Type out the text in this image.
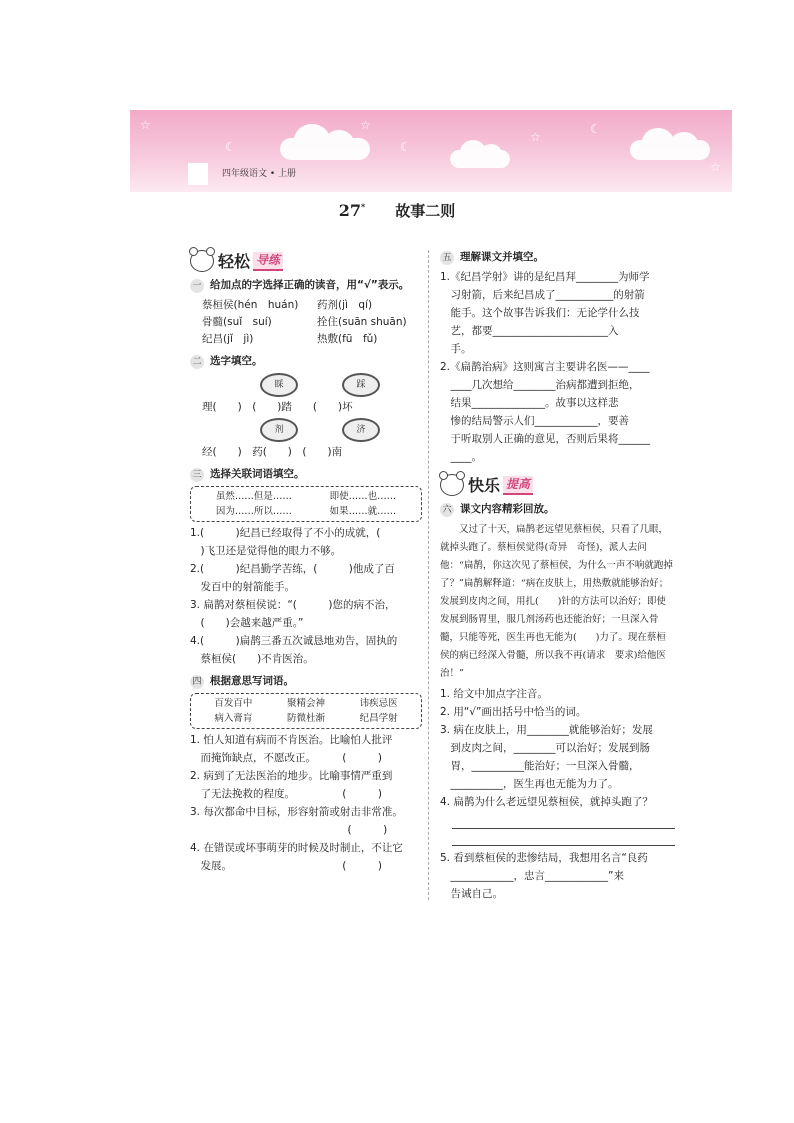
☆
☾
☆
☾
☆
☾
☆
四年级语文 • 上册
27* 故事二则
轻松 导练
一 给加点的字选择正确的读音，用“√”表示。

蔡桓侯(hén　huán)	药剂(jì　qí)

骨髓(suǐ　suí)	拴住(suān shuān)

纪昌(jǐ　jì)	热敷(fū　fǔ)

二 选字填空。
睬	踩

理(　　)　(　　)踏　　(　　)坏

剂	济

经(　　)　药(　　)　(　　)南

三 选择关联词语填空。

虽然……但是……	即使……也……

因为……所以……	如果……就……

1.(　　　)纪昌已经取得了不小的成就，(

　)飞卫还是觉得他的眼力不够。

2.(　　　)纪昌勤学苦练，(　　　)他成了百

　发百中的射箭能手。

3. 扁鹊对蔡桓侯说：“(　　　)您的病不治，

　(　　)会越来越严重。”

4.(　　　)扁鹊三番五次诚恳地劝告，固执的

　蔡桓侯(　　)不肯医治。

四 根据意思写词语。

百发百中	聚精会神	讳疾忌医

病入膏肓	防微杜渐	纪昌学射

1. 怕人知道有病而不肯医治。比喻怕人批评

　而掩饰缺点，不愿改正。　　　(　　　)

2. 病到了无法医治的地步。比喻事情严重到

　了无法挽救的程度。　　　　　(　　　)

3. 每次都命中目标，形容射箭或射击非常准。

　　　　　　　　　　　　　　　(　　　)

4. 在错误或坏事萌芽的时候及时制止，不让它

　发展。　　　　　　　　　　　(　　　)

五 理解课文并填空。

1.《纪昌学射》讲的是纪昌拜________为师学

　习射箭，后来纪昌成了___________的射箭

　能手。这个故事告诉我们：无论学什么技

　艺，都要______________________入

　手。

2.《扁鹊治病》这则寓言主要讲名医——____

　____几次想给________治病都遭到拒绝，

　结果______________。故事以这样悲

　惨的结局警示人们____________，要善

　于听取别人正确的意见，否则后果将______

　____。

快乐 提高
六 课文内容精彩回放。

又过了十天，扁鹊老远望见蔡桓侯，只看了几眼，就掉头跑了。蔡桓侯觉得(奇异　奇怪)，派人去问他：“扁鹊，你这次见了蔡桓侯，为什么一声不响就跑掉了？”扁鹊解释道：“病在皮肤上，用热敷就能够治好；发展到皮肉之间，用扎(　　)针的方法可以治好；即使发展到肠胃里，服几剂汤药也还能治好；一旦深入骨髓，只能等死，医生再也无能为(　　)力了。现在蔡桓侯的病已经深入骨髓，所以我不再(请求　要求)给他医治！”

1. 给文中加点字注音。

2. 用“√”画出括号中恰当的词。

3. 病在皮肤上，用________就能够治好；发展

　到皮肉之间，________可以治好；发展到肠

　胃，__________能治好；一旦深入骨髓，

　__________，医生再也无能为力了。

4. 扁鹊为什么老远望见蔡桓侯，就掉头跑了？

5. 看到蔡桓侯的悲惨结局，我想用名言“良药

　____________，忠言____________”来

　告诫自己。
